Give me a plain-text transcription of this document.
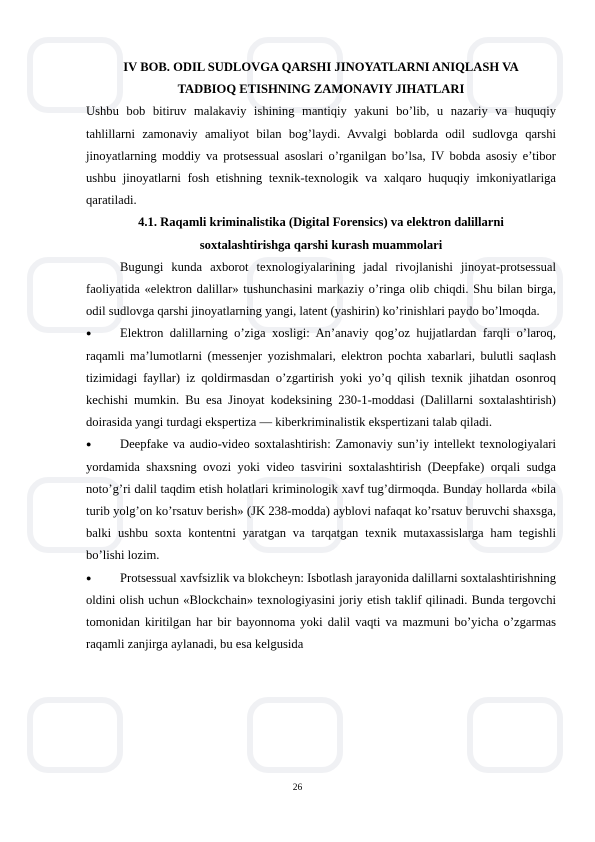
IV BOB. ODIL SUDLOVGA QARSHI JINOYATLARNI ANIQLASH VA
TADBIOQ ETISHNING ZAMONAVIY JIHATLARI

Ushbu bob bitiruv malakaviy ishining mantiqiy yakuni bo’lib, u nazariy va huquqiy tahlillarni zamonaviy amaliyot bilan bog’laydi. Avvalgi boblarda odil sudlovga qarshi jinoyatlarning moddiy va protsessual asoslari o’rganilgan bo’lsa, IV bobda asosiy e’tibor ushbu jinoyatlarni fosh etishning texnik-texnologik va xalqaro huquqiy imkoniyatlariga qaratiladi.

4.1. Raqamli kriminalistika (Digital Forensics) va elektron dalillarni
soxtalashtirishga qarshi kurash muammolari

Bugungi kunda axborot texnologiyalarining jadal rivojlanishi jinoyat-protsessual faoliyatida «elektron dalillar» tushunchasini markaziy o’ringa olib chiqdi. Shu bilan birga, odil sudlovga qarshi jinoyatlarning yangi, latent (yashirin) ko’rinishlari paydo bo’lmoqda.

● Elektron dalillarning o’ziga xosligi: An’anaviy qog’oz hujjatlardan farqli o’laroq, raqamli ma’lumotlarni (messenjer yozishmalari, elektron pochta xabarlari, bulutli saqlash tizimidagi fayllar) iz qoldirmasdan o’zgartirish yoki yo’q qilish texnik jihatdan osonroq kechishi mumkin. Bu esa Jinoyat kodeksining 230-1-moddasi (Dalillarni soxtalashtirish) doirasida yangi turdagi ekspertiza — kiberkriminalistik ekspertizani talab qiladi.

● Deepfake va audio-video soxtalashtirish: Zamonaviy sun’iy intellekt texnologiyalari yordamida shaxsning ovozi yoki video tasvirini soxtalashtirish (Deepfake) orqali sudga noto’g’ri dalil taqdim etish holatlari kriminologik xavf tug’dirmoqda. Bunday hollarda «bila turib yolg’on ko’rsatuv berish» (JK 238-modda) ayblovi nafaqat ko’rsatuv beruvchi shaxsga, balki ushbu soxta kontentni yaratgan va tarqatgan texnik mutaxassislarga ham tegishli bo’lishi lozim.

● Protsessual xavfsizlik va blokcheyn: Isbotlash jarayonida dalillarni soxtalashtirishning oldini olish uchun «Blockchain» texnologiyasini joriy etish taklif qilinadi. Bunda tergovchi tomonidan kiritilgan har bir bayonnoma yoki dalil vaqti va mazmuni bo’yicha o’zgarmas raqamli zanjirga aylanadi, bu esa kelgusida

26
